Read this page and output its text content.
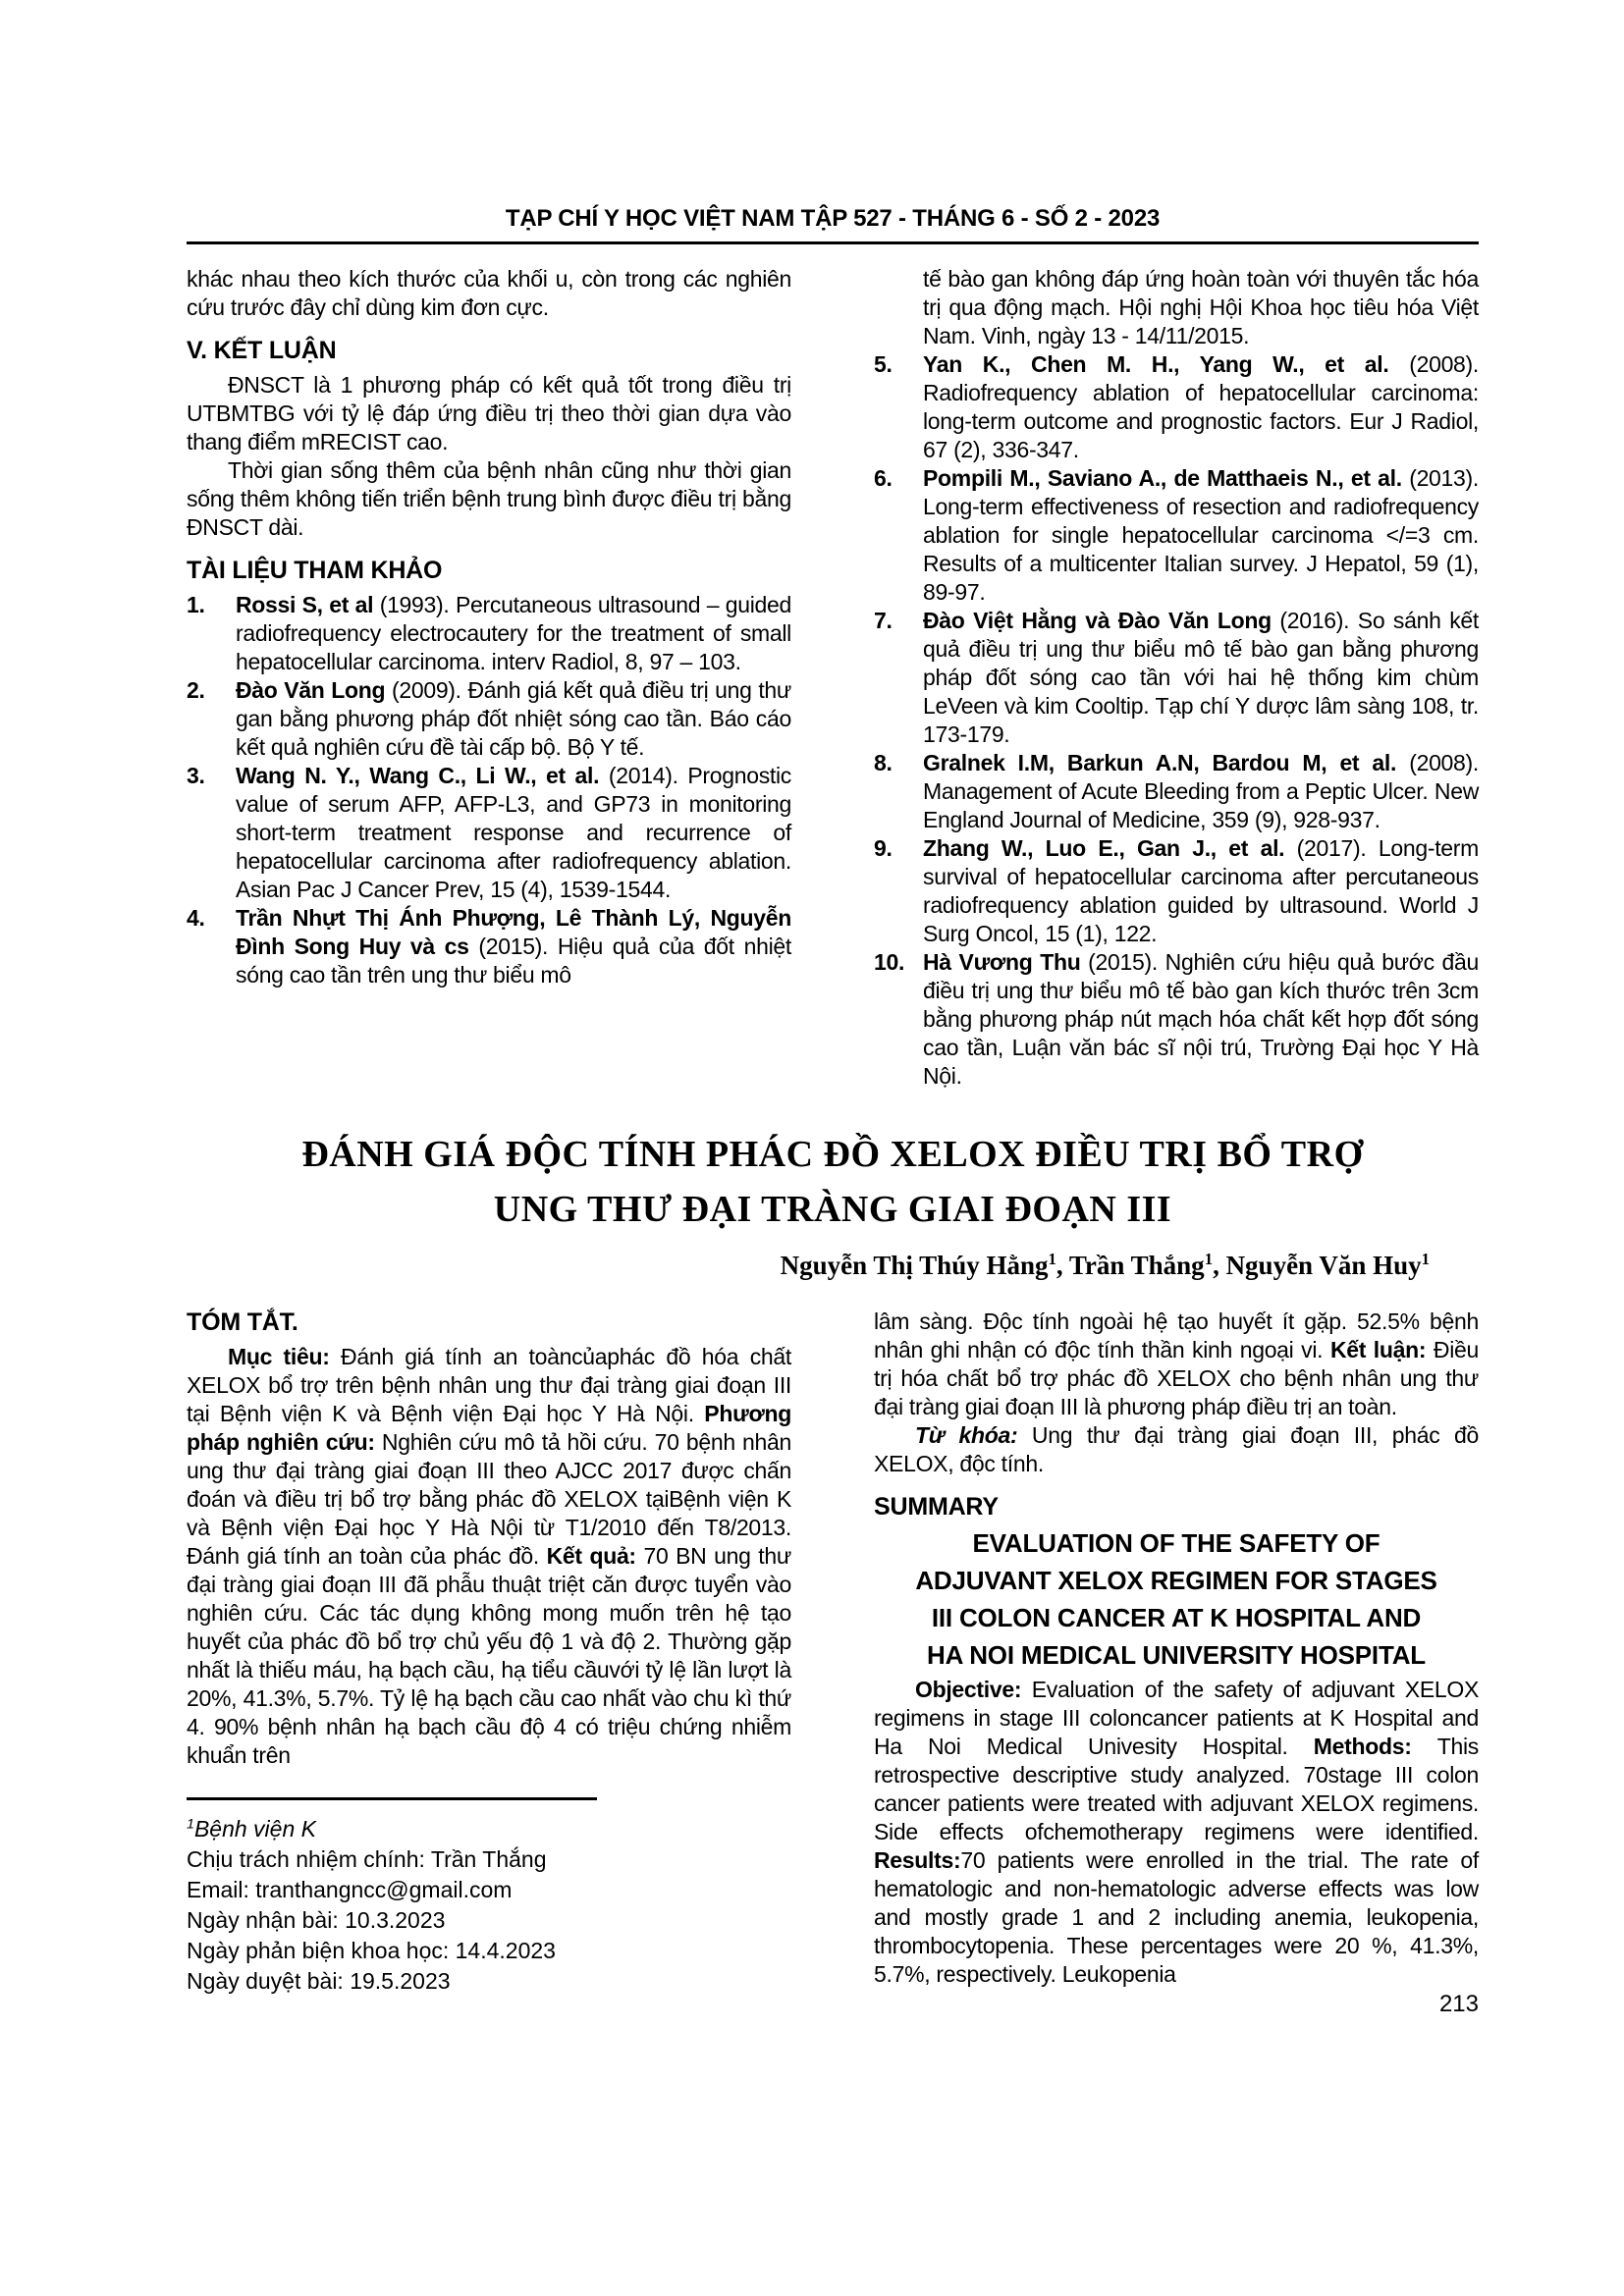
TẠP CHÍ Y HỌC VIỆT NAM TẬP 527 - THÁNG 6 - SỐ 2 - 2023

khác nhau theo kích thước của khối u, còn trong các nghiên cứu trước đây chỉ dùng kim đơn cực.

V. KẾT LUẬN

ĐNSCT là 1 phương pháp có kết quả tốt trong điều trị UTBMTBG với tỷ lệ đáp ứng điều trị theo thời gian dựa vào thang điểm mRECIST cao.

Thời gian sống thêm của bệnh nhân cũng như thời gian sống thêm không tiến triển bệnh trung bình được điều trị bằng ĐNSCT dài.

TÀI LIỆU THAM KHẢO

1. Rossi S, et al (1993). Percutaneous ultrasound – guided radiofrequency electrocautery for the treatment of small hepatocellular carcinoma. interv Radiol, 8, 97 – 103.

2. Đào Văn Long (2009). Đánh giá kết quả điều trị ung thư gan bằng phương pháp đốt nhiệt sóng cao tần. Báo cáo kết quả nghiên cứu đề tài cấp bộ. Bộ Y tế.

3. Wang N. Y., Wang C., Li W., et al. (2014). Prognostic value of serum AFP, AFP-L3, and GP73 in monitoring short-term treatment response and recurrence of hepatocellular carcinoma after radiofrequency ablation. Asian Pac J Cancer Prev, 15 (4), 1539-1544.

4. Trần Nhựt Thị Ánh Phượng, Lê Thành Lý, Nguyễn Đình Song Huy và cs (2015). Hiệu quả của đốt nhiệt sóng cao tần trên ung thư biểu mô

tế bào gan không đáp ứng hoàn toàn với thuyên tắc hóa trị qua động mạch. Hội nghị Hội Khoa học tiêu hóa Việt Nam. Vinh, ngày 13 - 14/11/2015.

5. Yan K., Chen M. H., Yang W., et al. (2008). Radiofrequency ablation of hepatocellular carcinoma: long-term outcome and prognostic factors. Eur J Radiol, 67 (2), 336-347.

6. Pompili M., Saviano A., de Matthaeis N., et al. (2013). Long-term effectiveness of resection and radiofrequency ablation for single hepatocellular carcinoma </=3 cm. Results of a multicenter Italian survey. J Hepatol, 59 (1), 89-97.

7. Đào Việt Hằng và Đào Văn Long (2016). So sánh kết quả điều trị ung thư biểu mô tế bào gan bằng phương pháp đốt sóng cao tần với hai hệ thống kim chùm LeVeen và kim Cooltip. Tạp chí Y dược lâm sàng 108, tr. 173-179.

8. Gralnek I.M, Barkun A.N, Bardou M, et al. (2008). Management of Acute Bleeding from a Peptic Ulcer. New England Journal of Medicine, 359 (9), 928-937.

9. Zhang W., Luo E., Gan J., et al. (2017). Long-term survival of hepatocellular carcinoma after percutaneous radiofrequency ablation guided by ultrasound. World J Surg Oncol, 15 (1), 122.

10. Hà Vương Thu (2015). Nghiên cứu hiệu quả bước đầu điều trị ung thư biểu mô tế bào gan kích thước trên 3cm bằng phương pháp nút mạch hóa chất kết hợp đốt sóng cao tần, Luận văn bác sĩ nội trú, Trường Đại học Y Hà Nội.

ĐÁNH GIÁ ĐỘC TÍNH PHÁC ĐỒ XELOX ĐIỀU TRỊ BỔ TRỢ
UNG THƯ ĐẠI TRÀNG GIAI ĐOẠN III
Nguyễn Thị Thúy Hằng$^1$, Trần Thắng$^1$, Nguyễn Văn Huy$^1$
TÓM TẮT.

Mục tiêu: Đánh giá tính an toàncủaphác đồ hóa chất XELOX bổ trợ trên bệnh nhân ung thư đại tràng giai đoạn III tại Bệnh viện K và Bệnh viện Đại học Y Hà Nội. Phương pháp nghiên cứu: Nghiên cứu mô tả hồi cứu. 70 bệnh nhân ung thư đại tràng giai đoạn III theo AJCC 2017 được chấn đoán và điều trị bổ trợ bằng phác đồ XELOX tạiBệnh viện K và Bệnh viện Đại học Y Hà Nội từ T1/2010 đến T8/2013. Đánh giá tính an toàn của phác đồ. Kết quả: 70 BN ung thư đại tràng giai đoạn III đã phẫu thuật triệt căn được tuyển vào nghiên cứu. Các tác dụng không mong muốn trên hệ tạo huyết của phác đồ bổ trợ chủ yếu độ 1 và độ 2. Thường gặp nhất là thiếu máu, hạ bạch cầu, hạ tiểu cầuvới tỷ lệ lần lượt là 20%, 41.3%, 5.7%. Tỷ lệ hạ bạch cầu cao nhất vào chu kì thứ 4. 90% bệnh nhân hạ bạch cầu độ 4 có triệu chứng nhiễm khuẩn trên

$^1$Bệnh viện K

Chịu trách nhiệm chính: Trần Thắng

Email: tranthangncc@gmail.com

Ngày nhận bài: 10.3.2023

Ngày phản biện khoa học: 14.4.2023

Ngày duyệt bài: 19.5.2023

lâm sàng. Độc tính ngoài hệ tạo huyết ít gặp. 52.5% bệnh nhân ghi nhận có độc tính thần kinh ngoại vi. Kết luận: Điều trị hóa chất bổ trợ phác đồ XELOX cho bệnh nhân ung thư đại tràng giai đoạn III là phương pháp điều trị an toàn.

Từ khóa: Ung thư đại tràng giai đoạn III, phác đồ XELOX, độc tính.

SUMMARY
EVALUATION OF THE SAFETY OF
ADJUVANT XELOX REGIMEN FOR STAGES
III COLON CANCER AT K HOSPITAL AND
HA NOI MEDICAL UNIVERSITY HOSPITAL

Objective: Evaluation of the safety of adjuvant XELOX regimens in stage III coloncancer patients at K Hospital and Ha Noi Medical Univesity Hospital. Methods: This retrospective descriptive study analyzed. 70stage III colon cancer patients were treated with adjuvant XELOX regimens. Side effects ofchemotherapy regimens were identified. Results:70 patients were enrolled in the trial. The rate of hematologic and non-hematologic adverse effects was low and mostly grade 1 and 2 including anemia, leukopenia, thrombocytopenia. These percentages were 20 %, 41.3%, 5.7%, respectively. Leukopenia

213
